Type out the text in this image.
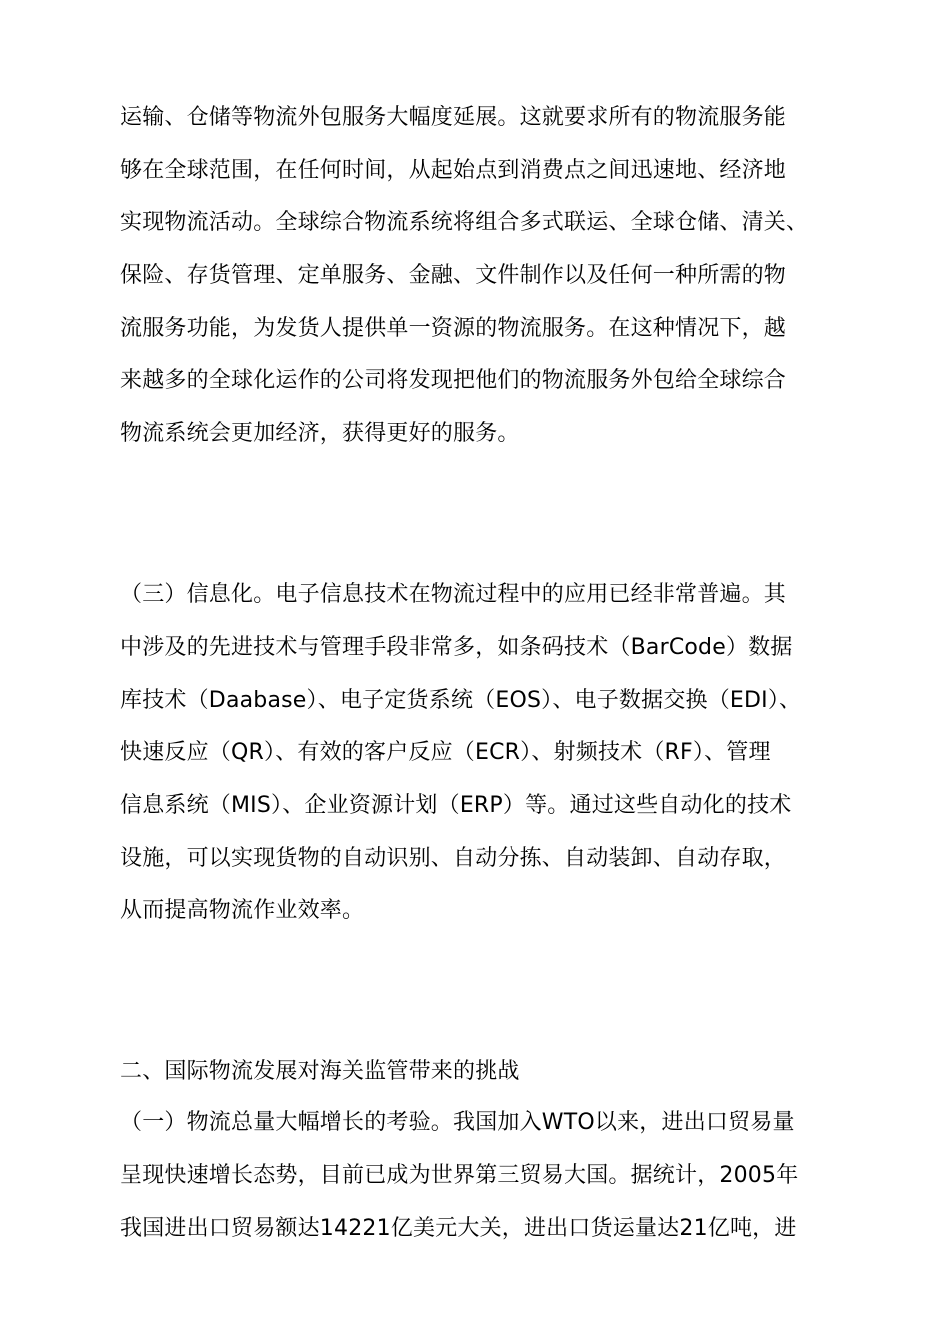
运输、仓储等物流外包服务大幅度延展。这就要求所有的物流服务能
够在全球范围，在任何时间，从起始点到消费点之间迅速地、经济地
实现物流活动。全球综合物流系统将组合多式联运、全球仓储、清关、
保险、存货管理、定单服务、金融、文件制作以及任何一种所需的物
流服务功能，为发货人提供单一资源的物流服务。在这种情况下，越
来越多的全球化运作的公司将发现把他们的物流服务外包给全球综合
物流系统会更加经济，获得更好的服务。
（三）信息化。电子信息技术在物流过程中的应用已经非常普遍。其
中涉及的先进技术与管理手段非常多，如条码技术（BarCode）数据
库技术（Daabase）、电子定货系统（EOS）、电子数据交换（EDI）、
快速反应（QR）、有效的客户反应（ECR）、射频技术（RF）、管理
信息系统（MIS）、企业资源计划（ERP）等。通过这些自动化的技术
设施，可以实现货物的自动识别、自动分拣、自动装卸、自动存取，
从而提高物流作业效率。
二、国际物流发展对海关监管带来的挑战
（一）物流总量大幅增长的考验。我国加入WTO以来，进出口贸易量
呈现快速增长态势，目前已成为世界第三贸易大国。据统计，2005年
我国进出口贸易额达14221亿美元大关，进出口货运量达21亿吨，进
